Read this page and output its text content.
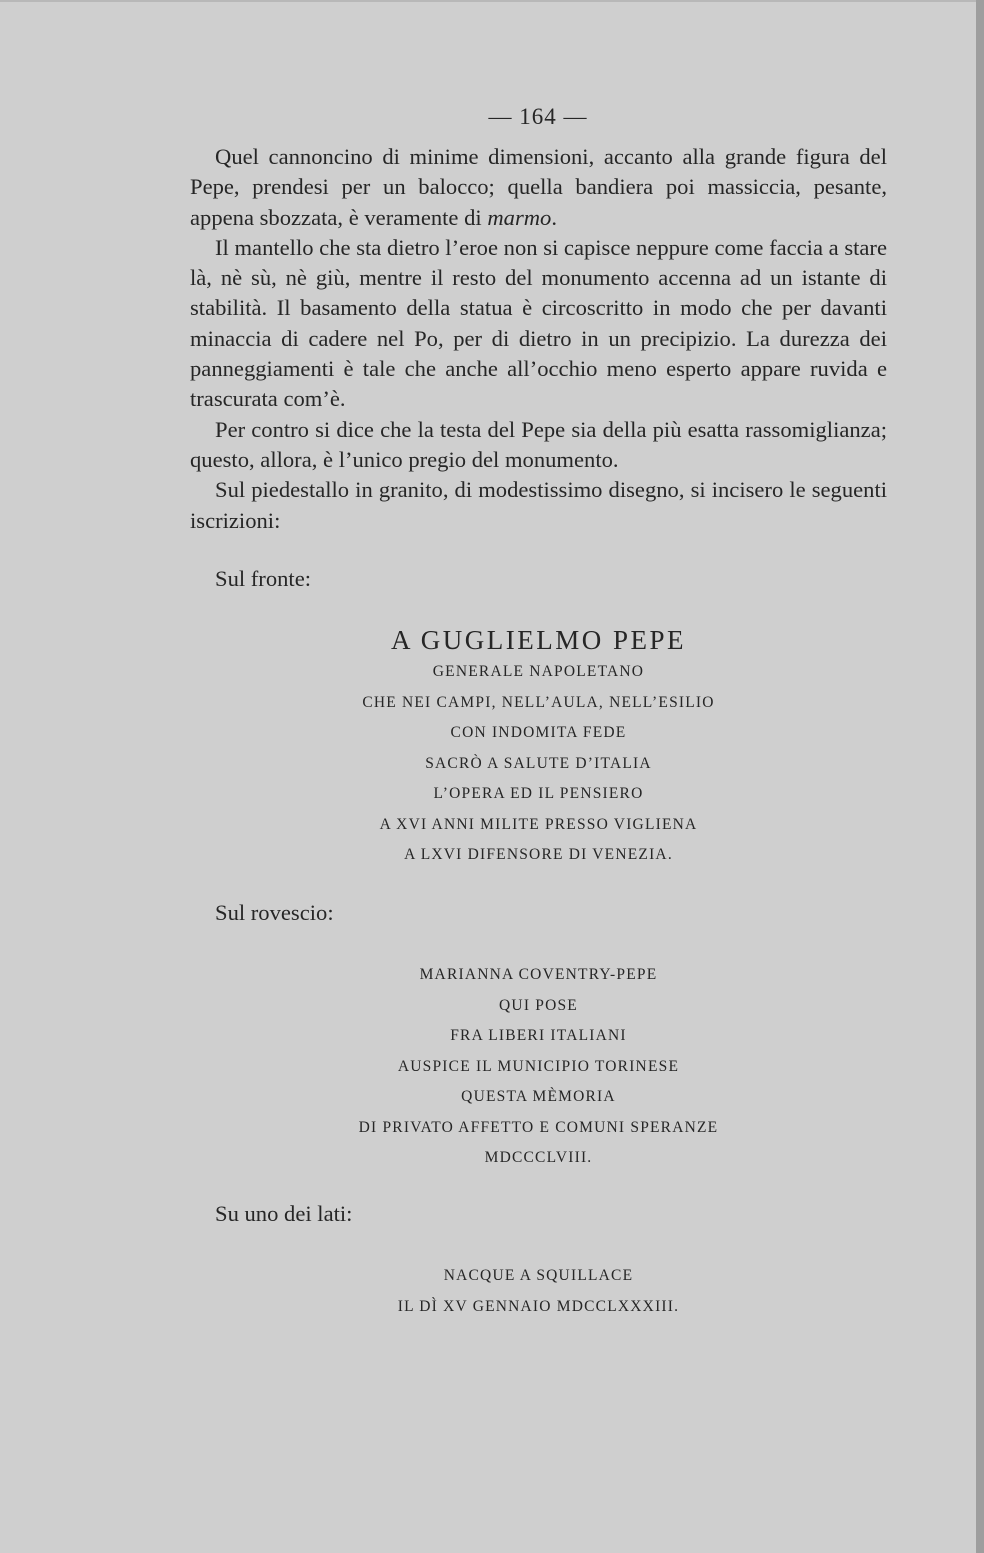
— 164 —

Quel cannoncino di minime dimensioni, accanto alla grande figura del Pepe, prendesi per un balocco; quella bandiera poi massiccia, pesante, appena sbozzata, è veramente di marmo.

Il mantello che sta dietro l’eroe non si capisce neppure come faccia a stare là, nè sù, nè giù, mentre il resto del monumento accenna ad un istante di stabilità. Il basamento della statua è circoscritto in modo che per davanti minaccia di cadere nel Po, per di dietro in un precipizio. La durezza dei panneggiamenti è tale che anche all’occhio meno esperto appare ruvida e trascurata com’è.

Per contro si dice che la testa del Pepe sia della più esatta rassomiglianza; questo, allora, è l’unico pregio del monumento.

Sul piedestallo in granito, di modestissimo disegno, si incisero le seguenti iscrizioni:

Sul fronte:
A GUGLIELMO PEPE
GENERALE NAPOLETANO
CHE NEI CAMPI, NELL’AULA, NELL’ESILIO
CON INDOMITA FEDE
SACRÒ A SALUTE D’ITALIA
L’OPERA ED IL PENSIERO
A XVI ANNI MILITE PRESSO VIGLIENA
A LXVI DIFENSORE DI VENEZIA.
Sul rovescio:
MARIANNA COVENTRY-PEPE
QUI POSE
FRA LIBERI ITALIANI
AUSPICE IL MUNICIPIO TORINESE
QUESTA MÈMORIA
DI PRIVATO AFFETTO E COMUNI SPERANZE
MDCCCLVIII.
Su uno dei lati:
NACQUE A SQUILLACE
IL DÌ XV GENNAIO MDCCLXXXIII.
